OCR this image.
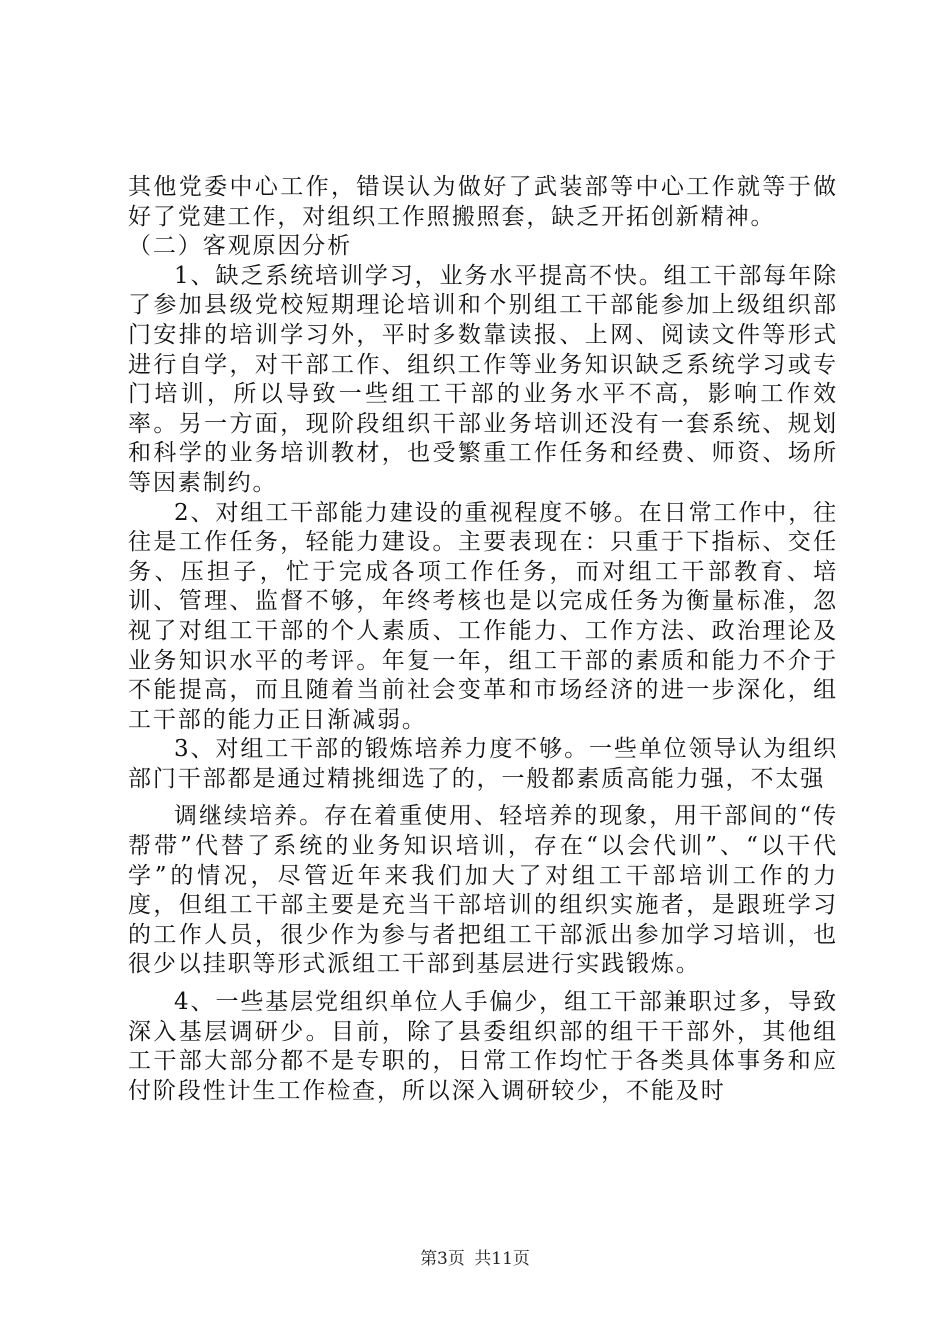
其他党委中心工作，错误认为做好了武装部等中心工作就等于做好了党建工作，对组织工作照搬照套，缺乏开拓创新精神。

（二）客观原因分析

1、缺乏系统培训学习，业务水平提高不快。组工干部每年除了参加县级党校短期理论培训和个别组工干部能参加上级组织部门安排的培训学习外，平时多数靠读报、上网、阅读文件等形式进行自学，对干部工作、组织工作等业务知识缺乏系统学习或专门培训，所以导致一些组工干部的业务水平不高，影响工作效率。另一方面，现阶段组织干部业务培训还没有一套系统、规划和科学的业务培训教材，也受繁重工作任务和经费、师资、场所等因素制约。

2、对组工干部能力建设的重视程度不够。在日常工作中，往往是工作任务，轻能力建设。主要表现在：只重于下指标、交任务、压担子，忙于完成各项工作任务，而对组工干部教育、培训、管理、监督不够，年终考核也是以完成任务为衡量标准，忽视了对组工干部的个人素质、工作能力、工作方法、政治理论及业务知识水平的考评。年复一年，组工干部的素质和能力不介于不能提高，而且随着当前社会变革和市场经济的进一步深化，组工干部的能力正日渐减弱。

3、对组工干部的锻炼培养力度不够。一些单位领导认为组织部门干部都是通过精挑细选了的，一般都素质高能力强，不太强

调继续培养。存在着重使用、轻培养的现象，用干部间的“传帮带”代替了系统的业务知识培训，存在“以会代训”、“以干代学”的情况，尽管近年来我们加大了对组工干部培训工作的力度，但组工干部主要是充当干部培训的组织实施者，是跟班学习的工作人员，很少作为参与者把组工干部派出参加学习培训，也很少以挂职等形式派组工干部到基层进行实践锻炼。

4、一些基层党组织单位人手偏少，组工干部兼职过多，导致深入基层调研少。目前，除了县委组织部的组干干部外，其他组工干部大部分都不是专职的，日常工作均忙于各类具体事务和应付阶段性计生工作检查，所以深入调研较少，不能及时

第3页 共11页
